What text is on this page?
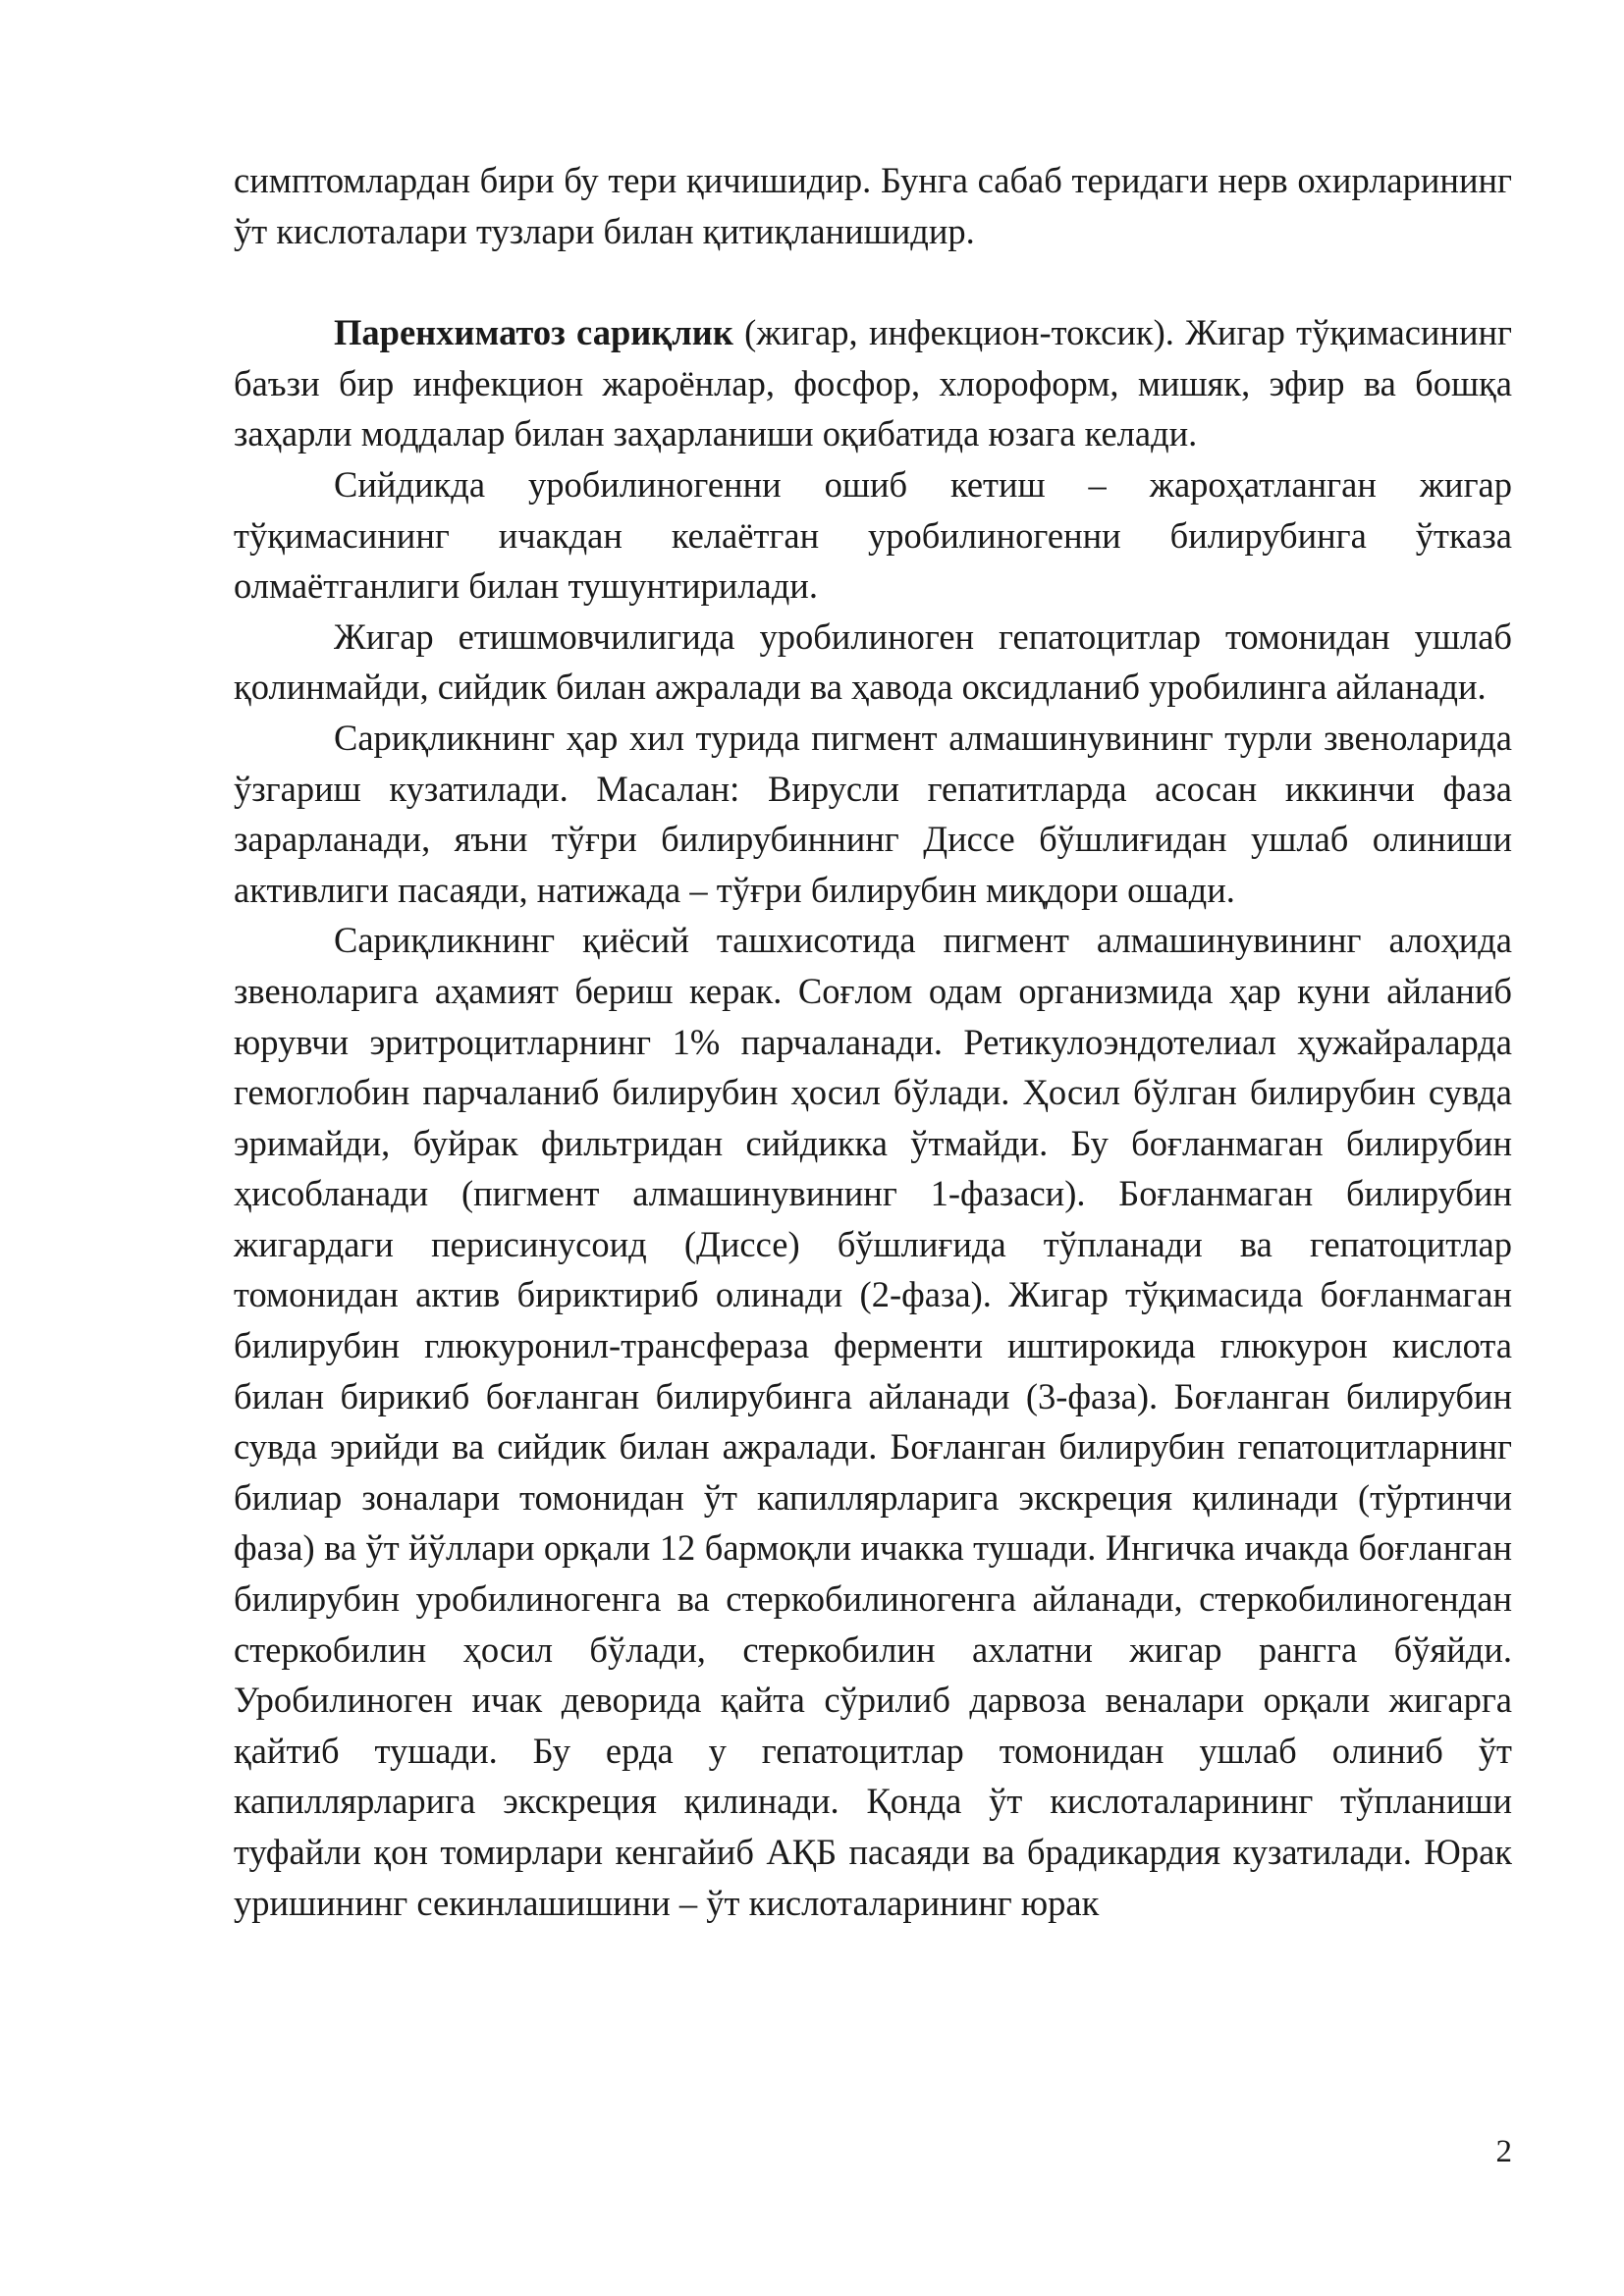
симптомлардан бири бу тери қичишидир. Бунга сабаб теридаги нерв охирларининг ўт кислоталари тузлари билан қитиқланишидир.

Паренхиматоз сариқлик (жигар, инфекцион-токсик). Жигар тўқимасининг баъзи бир инфекцион жароёнлар, фосфор, хлороформ, мишяк, эфир ва бошқа заҳарли моддалар билан заҳарланиши оқибатида юзага келади.

Сийдикда уробилиногенни ошиб кетиш – жароҳатланган жигар тўқимасининг ичакдан келаётган уробилиногенни билирубинга ўтказа олмаётганлиги билан тушунтирилади.

Жигар етишмовчилигида уробилиноген гепатоцитлар томонидан ушлаб қолинмайди, сийдик билан ажралади ва ҳавода оксидланиб уробилинга айланади.

Сариқликнинг ҳар хил турида пигмент алмашинувининг турли звеноларида ўзгариш кузатилади. Масалан: Вирусли гепатитларда асосан иккинчи фаза зарарланади, яъни тўғри билирубиннинг Диссе бўшлиғидан ушлаб олиниши активлиги пасаяди, натижада – тўғри билирубин миқдори ошади.

Сариқликнинг қиёсий ташхисотида пигмент алмашинувининг алоҳида звеноларига аҳамият бериш керак. Соғлом одам организмида ҳар куни айланиб юрувчи эритроцитларнинг 1% парчаланади. Ретикулоэндотелиал ҳужайраларда гемоглобин парчаланиб билирубин ҳосил бўлади. Ҳосил бўлган билирубин сувда эримайди, буйрак фильтридан сийдикка ўтмайди. Бу боғланмаган билирубин ҳисобланади (пигмент алмашинувининг 1-фазаси). Боғланмаган билирубин жигардаги перисинусоид (Диссе) бўшлиғида тўпланади ва гепатоцитлар томонидан актив бириктириб олинади (2-фаза). Жигар тўқимасида боғланмаган билирубин глюкуронил-трансфераза ферменти иштирокида глюкурон кислота билан бирикиб боғланган билирубинга айланади (3-фаза). Боғланган билирубин сувда эрийди ва сийдик билан ажралади. Боғланган билирубин гепатоцитларнинг билиар зоналари томонидан ўт капиллярларига экскреция қилинади (тўртинчи фаза) ва ўт йўллари орқали 12 бармоқли ичакка тушади. Ингичка ичакда боғланган билирубин уробилиногенга ва стеркобилиногенга айланади, стеркобилиногендан стеркобилин ҳосил бўлади, стеркобилин ахлатни жигар рангга бўяйди. Уробилиноген ичак деворида қайта сўрилиб дарвоза веналари орқали жигарга қайтиб тушади. Бу ерда у гепатоцитлар томонидан ушлаб олиниб ўт капиллярларига экскреция қилинади. Қонда ўт кислоталарининг тўпланиши туфайли қон томирлари кенгайиб АҚБ пасаяди ва брадикардия кузатилади. Юрак уришининг секинлашишини – ўт кислоталарининг юрак

2
